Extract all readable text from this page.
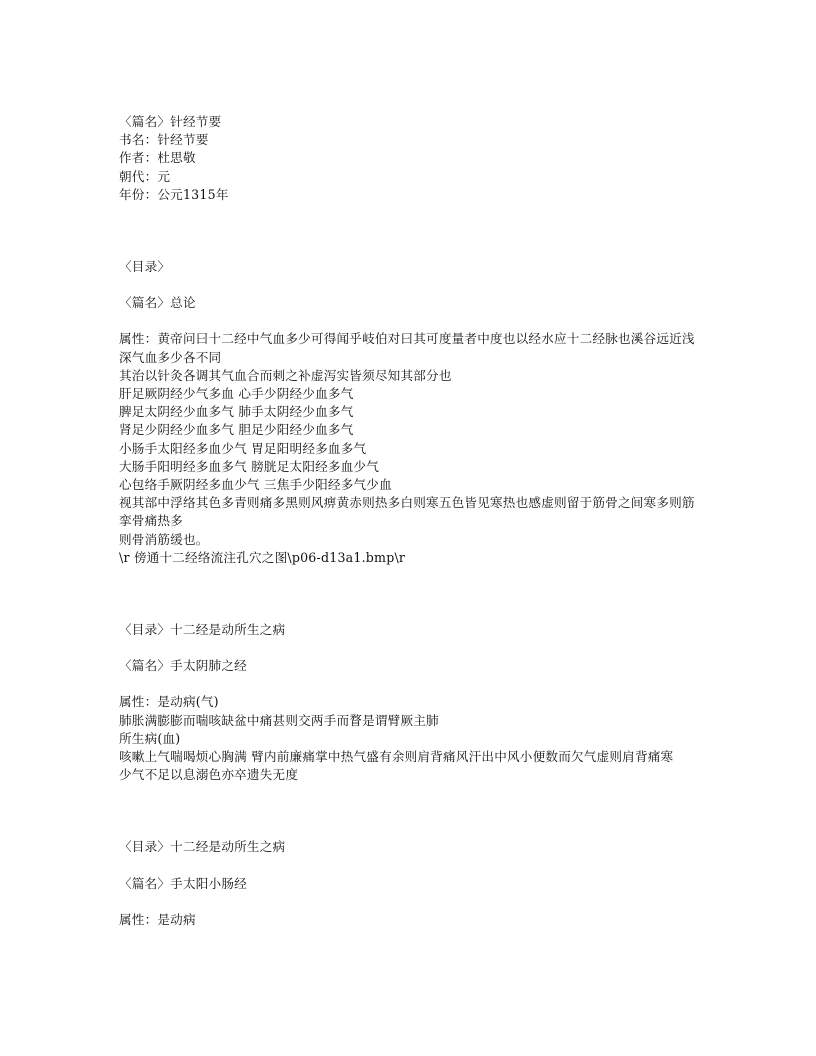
〈篇名〉针经节要
书名：针经节要
作者：杜思敬
朝代：元
年份：公元1315年
〈目录〉
〈篇名〉总论
属性：黄帝问曰十二经中气血多少可得闻乎岐伯对曰其可度量者中度也以经水应十二经脉也溪谷远近浅深气血多少各不同
其治以针灸各调其气血合而刺之补虚泻实皆须尽知其部分也
肝足厥阴经少气多血 心手少阴经少血多气
脾足太阴经少血多气 肺手太阴经少血多气
肾足少阴经少血多气 胆足少阳经少血多气
小肠手太阳经多血少气 胃足阳明经多血多气
大肠手阳明经多血多气 膀胱足太阳经多血少气
心包络手厥阴经多血少气 三焦手少阳经多气少血
视其部中浮络其色多青则痛多黑则风痹黄赤则热多白则寒五色皆见寒热也感虚则留于筋骨之间寒多则筋挛骨痛热多
则骨消筋缓也。
\r 傍通十二经络流注孔穴之图\p06-d13a1.bmp\r
〈目录〉十二经是动所生之病
〈篇名〉手太阴肺之经
属性：是动病(气)
肺胀满膨膨而喘咳缺盆中痛甚则交两手而瞀是谓臂厥主肺
所生病(血)
咳嗽上气喘喝烦心胸满 臂内前廉痛掌中热气盛有余则肩背痛风汗出中风小便数而欠气虚则肩背痛寒
少气不足以息溺色亦卒遗失无度
〈目录〉十二经是动所生之病
〈篇名〉手太阳小肠经
属性：是动病
